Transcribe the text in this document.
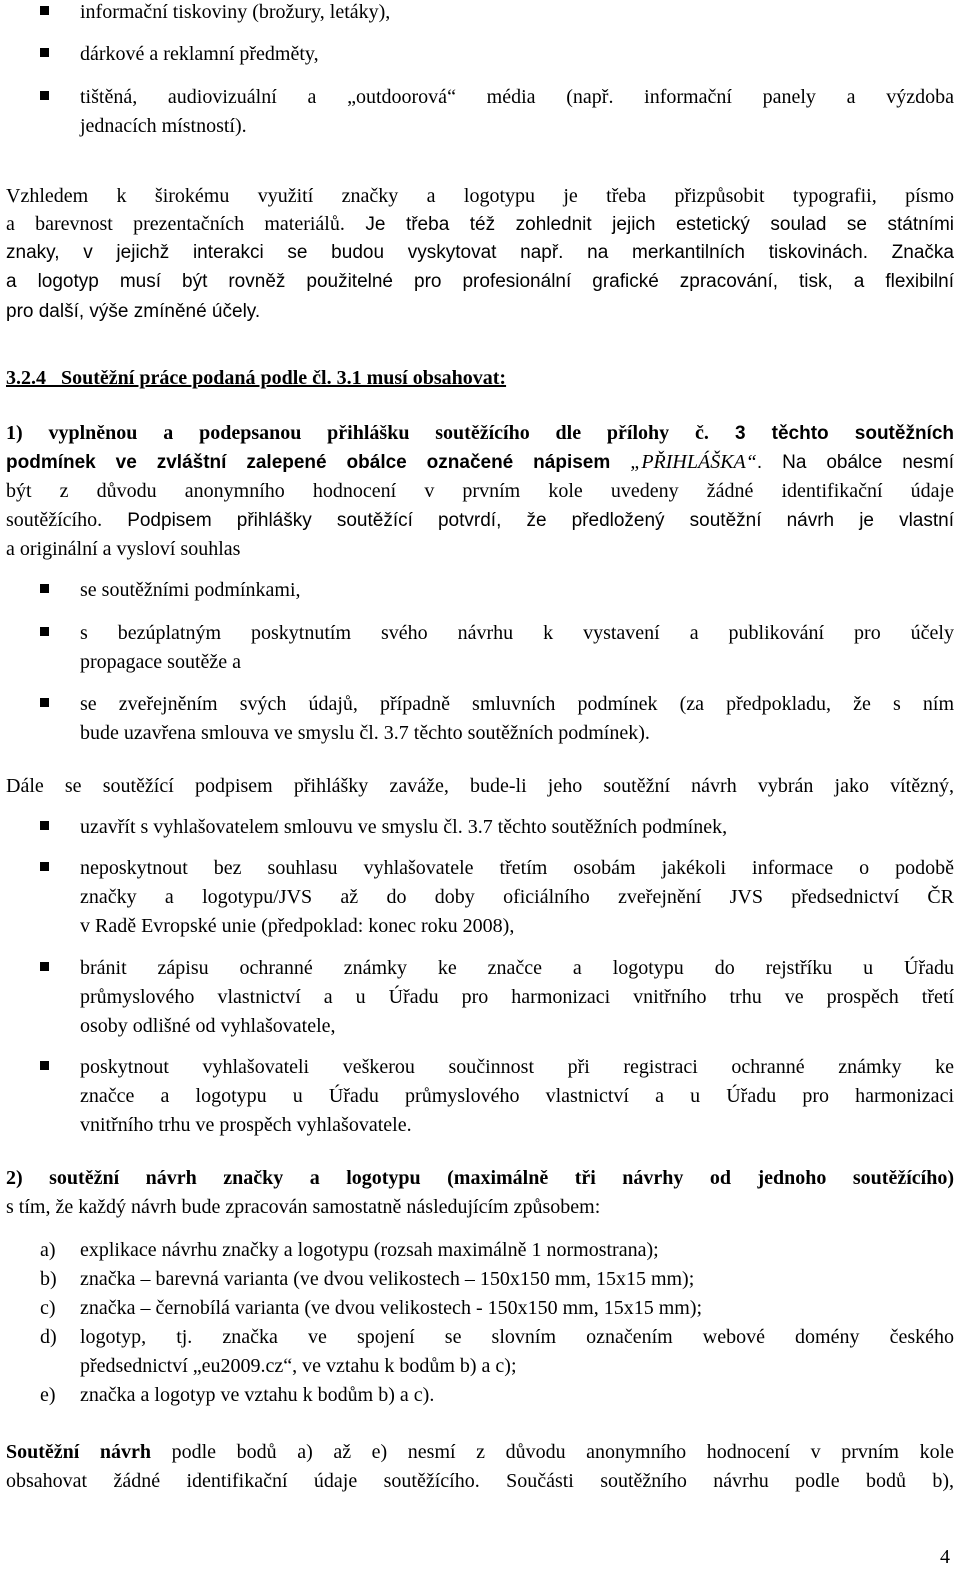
informační tiskoviny (brožury, letáky),
dárkové a reklamní předměty,
tištěná, audiovizuální a „outdoorová“ média (např. informační panely a výzdoba
jednacích místností).
Vzhledem k širokému využití značky a logotypu je třeba přizpůsobit typografii, písmo
a barevnost prezentačních materiálů. Je třeba též zohlednit jejich estetický soulad se státními
znaky, v jejichž interakci se budou vyskytovat např. na merkantilních tiskovinách. Značka
a logotyp musí být rovněž použitelné pro profesionální grafické zpracování, tisk, a flexibilní
pro další, výše zmíněné účely.
3.2.4 Soutěžní práce podaná podle čl. 3.1 musí obsahovat:
1) vyplněnou a podepsanou přihlášku soutěžícího dle přílohy č. 3 těchto soutěžních
podmínek ve zvláštní zalepené obálce označené nápisem „PŘIHLÁŠKA“. Na obálce nesmí
být z důvodu anonymního hodnocení v prvním kole uvedeny žádné identifikační údaje
soutěžícího. Podpisem přihlášky soutěžící potvrdí, že předložený soutěžní návrh je vlastní
a originální a vysloví souhlas
se soutěžními podmínkami,
s bezúplatným poskytnutím svého návrhu k vystavení a publikování pro účely
propagace soutěže a
se zveřejněním svých údajů, případně smluvních podmínek (za předpokladu, že s ním
bude uzavřena smlouva ve smyslu čl. 3.7 těchto soutěžních podmínek).
Dále se soutěžící podpisem přihlášky zaváže, bude-li jeho soutěžní návrh vybrán jako vítězný,
uzavřít s vyhlašovatelem smlouvu ve smyslu čl. 3.7 těchto soutěžních podmínek,
neposkytnout bez souhlasu vyhlašovatele třetím osobám jakékoli informace o podobě
značky a logotypu/JVS až do doby oficiálního zveřejnění JVS předsednictví ČR
v Radě Evropské unie (předpoklad: konec roku 2008),
bránit zápisu ochranné známky ke značce a logotypu do rejstříku u Úřadu
průmyslového vlastnictví a u Úřadu pro harmonizaci vnitřního trhu ve prospěch třetí
osoby odlišné od vyhlašovatele,
poskytnout vyhlašovateli veškerou součinnost při registraci ochranné známky ke
značce a logotypu u Úřadu průmyslového vlastnictví a u Úřadu pro harmonizaci
vnitřního trhu ve prospěch vyhlašovatele.
2) soutěžní návrh značky a logotypu (maximálně tři návrhy od jednoho soutěžícího)
s tím, že každý návrh bude zpracován samostatně následujícím způsobem:
a) explikace návrhu značky a logotypu (rozsah maximálně 1 normostrana);
b) značka – barevná varianta (ve dvou velikostech – 150x150 mm, 15x15 mm);
c) značka – černobílá varianta (ve dvou velikostech - 150x150 mm, 15x15 mm);
d) logotyp, tj. značka ve spojení se slovním označením webové domény českého
předsednictví „eu2009.cz“, ve vztahu k bodům b) a c);
e) značka a logotyp ve vztahu k bodům b) a c).
Soutěžní návrh podle bodů a) až e) nesmí z důvodu anonymního hodnocení v prvním kole
obsahovat žádné identifikační údaje soutěžícího. Součásti soutěžního návrhu podle bodů b),
4
